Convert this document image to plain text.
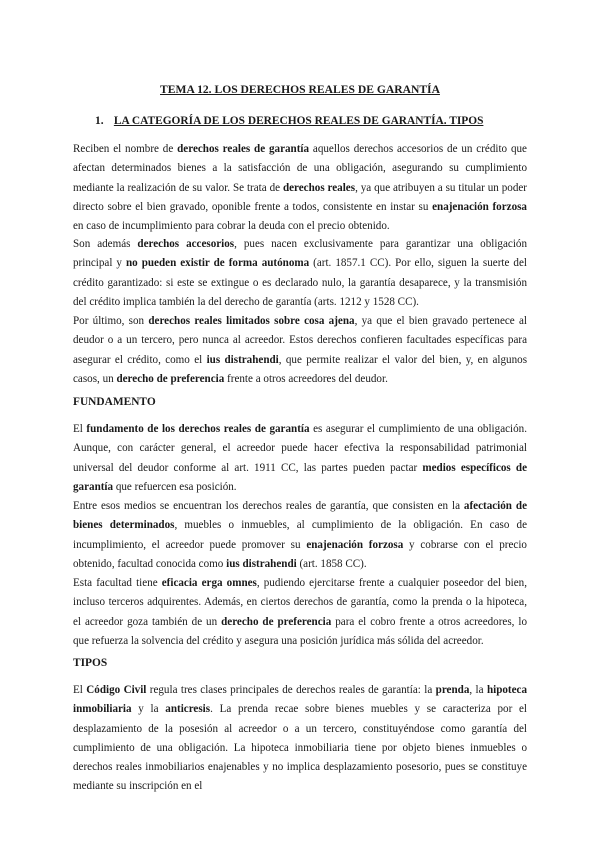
TEMA 12. LOS DERECHOS REALES DE GARANTÍA
1. LA CATEGORÍA DE LOS DERECHOS REALES DE GARANTÍA. TIPOS

Reciben el nombre de derechos reales de garantía aquellos derechos accesorios de un crédito que afectan determinados bienes a la satisfacción de una obligación, asegurando su cumplimiento mediante la realización de su valor. Se trata de derechos reales, ya que atribuyen a su titular un poder directo sobre el bien gravado, oponible frente a todos, consistente en instar su enajenación forzosa en caso de incumplimiento para cobrar la deuda con el precio obtenido.

Son además derechos accesorios, pues nacen exclusivamente para garantizar una obligación principal y no pueden existir de forma autónoma (art. 1857.1 CC). Por ello, siguen la suerte del crédito garantizado: si este se extingue o es declarado nulo, la garantía desaparece, y la transmisión del crédito implica también la del derecho de garantía (arts. 1212 y 1528 CC).

Por último, son derechos reales limitados sobre cosa ajena, ya que el bien gravado pertenece al deudor o a un tercero, pero nunca al acreedor. Estos derechos confieren facultades específicas para asegurar el crédito, como el ius distrahendi, que permite realizar el valor del bien, y, en algunos casos, un derecho de preferencia frente a otros acreedores del deudor.

FUNDAMENTO

El fundamento de los derechos reales de garantía es asegurar el cumplimiento de una obligación. Aunque, con carácter general, el acreedor puede hacer efectiva la responsabilidad patrimonial universal del deudor conforme al art. 1911 CC, las partes pueden pactar medios específicos de garantía que refuercen esa posición.

Entre esos medios se encuentran los derechos reales de garantía, que consisten en la afectación de bienes determinados, muebles o inmuebles, al cumplimiento de la obligación. En caso de incumplimiento, el acreedor puede promover su enajenación forzosa y cobrarse con el precio obtenido, facultad conocida como ius distrahendi (art. 1858 CC).

Esta facultad tiene eficacia erga omnes, pudiendo ejercitarse frente a cualquier poseedor del bien, incluso terceros adquirentes. Además, en ciertos derechos de garantía, como la prenda o la hipoteca, el acreedor goza también de un derecho de preferencia para el cobro frente a otros acreedores, lo que refuerza la solvencia del crédito y asegura una posición jurídica más sólida del acreedor.

TIPOS

El Código Civil regula tres clases principales de derechos reales de garantía: la prenda, la hipoteca inmobiliaria y la anticresis. La prenda recae sobre bienes muebles y se caracteriza por el desplazamiento de la posesión al acreedor o a un tercero, constituyéndose como garantía del cumplimiento de una obligación. La hipoteca inmobiliaria tiene por objeto bienes inmuebles o derechos reales inmobiliarios enajenables y no implica desplazamiento posesorio, pues se constituye mediante su inscripción en el
